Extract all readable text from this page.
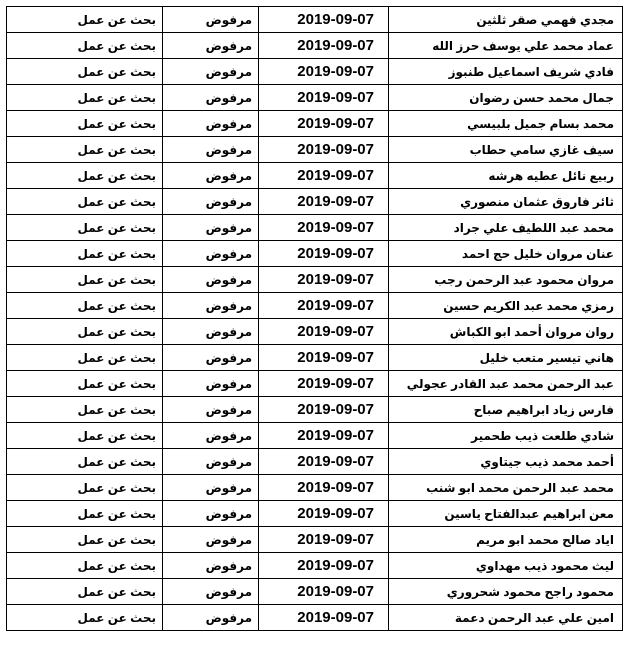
مجدي فهمي صقر ثلثين	2019-09-07	مرفوض	بحث عن عمل
عماد محمد علي يوسف حرز الله	2019-09-07	مرفوض	بحث عن عمل
فادي شريف اسماعيل طنبوز	2019-09-07	مرفوض	بحث عن عمل
جمال محمد حسن رضوان	2019-09-07	مرفوض	بحث عن عمل
محمد بسام جميل بلبيسي	2019-09-07	مرفوض	بحث عن عمل
سيف غازي سامي حطاب	2019-09-07	مرفوض	بحث عن عمل
ربيع نائل عطيه هرشه	2019-09-07	مرفوض	بحث عن عمل
ثائر فاروق عثمان منصوري	2019-09-07	مرفوض	بحث عن عمل
محمد عبد اللطيف علي جراد	2019-09-07	مرفوض	بحث عن عمل
عنان مروان خليل حج احمد	2019-09-07	مرفوض	بحث عن عمل
مروان محمود عبد الرحمن رجب	2019-09-07	مرفوض	بحث عن عمل
رمزي محمد عبد الكريم حسين	2019-09-07	مرفوض	بحث عن عمل
روان مروان أحمد ابو الكباش	2019-09-07	مرفوض	بحث عن عمل
هاني تيسير متعب خليل	2019-09-07	مرفوض	بحث عن عمل
عبد الرحمن محمد عبد القادر عجولي	2019-09-07	مرفوض	بحث عن عمل
فارس زياد ابراهيم صباح	2019-09-07	مرفوض	بحث عن عمل
شادي طلعت ذيب طحمير	2019-09-07	مرفوض	بحث عن عمل
أحمد محمد ذيب جيتاوي	2019-09-07	مرفوض	بحث عن عمل
محمد عبد الرحمن محمد ابو شنب	2019-09-07	مرفوض	بحث عن عمل
معن ابراهيم عبدالفتاح ياسين	2019-09-07	مرفوض	بحث عن عمل
اياد صالح محمد ابو مريم	2019-09-07	مرفوض	بحث عن عمل
ليث محمود ذيب مهداوي	2019-09-07	مرفوض	بحث عن عمل
محمود راجح محمود شحروري	2019-09-07	مرفوض	بحث عن عمل
امين علي عبد الرحمن دعمة	2019-09-07	مرفوض	بحث عن عمل
